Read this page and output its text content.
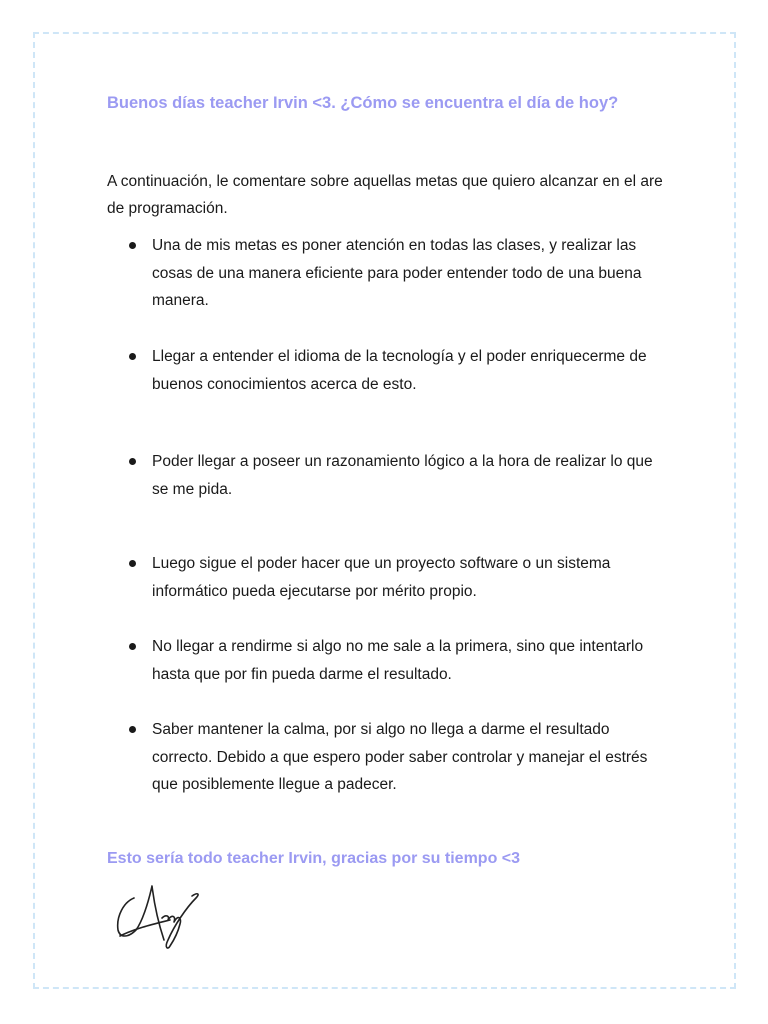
Buenos días teacher Irvin <3. ¿Cómo se encuentra el día de hoy?

A continuación, le comentare sobre aquellas metas que quiero alcanzar en el are de programación.

Una de mis metas es poner atención en todas las clases, y realizar las cosas de una manera eficiente para poder entender todo de una buena manera.
Llegar a entender el idioma de la tecnología y el poder enriquecerme de buenos conocimientos acerca de esto.
Poder llegar a poseer un razonamiento lógico a la hora de realizar lo que se me pida.
Luego sigue el poder hacer que un proyecto software o un sistema informático pueda ejecutarse por mérito propio.
No llegar a rendirme si algo no me sale a la primera, sino que intentarlo hasta que por fin pueda darme el resultado.
Saber mantener la calma, por si algo no llega a darme el resultado correcto. Debido a que espero poder saber controlar y manejar el estrés que posiblemente llegue a padecer.

Esto sería todo teacher Irvin, gracias por su tiempo <3
